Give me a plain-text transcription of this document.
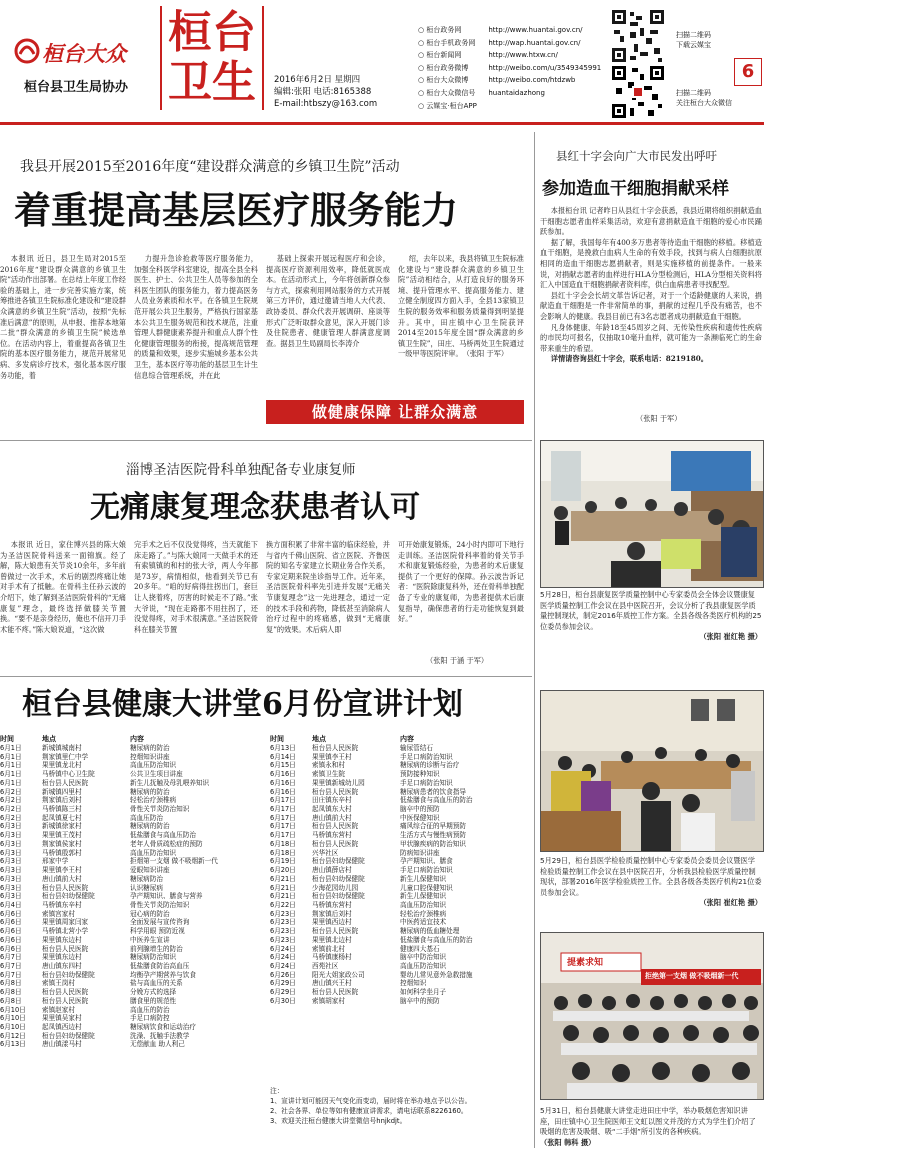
桓台大众
桓台县卫生局协办
桓台
卫生 2016年6月2日 星期四
编辑:张阳 电话:8165388
E-mail:htbszy@163.com
○ 桓台政务网	http://www.huantai.gov.cn/
○ 桓台手机政务网 http://wap.huantai.gov.cn/
○ 桓台新闻网	http://www.htxw.cn/
○ 桓台政务微博	http://weibo.com/u/3549345991
○ 桓台大众微博	http://weibo.com/htdzwb
○ 桓台大众微信号 huantaidazhong
○ 云媒宝·桓台APP
扫描二维码
下载云媒宝
扫描二维码
关注桓台大众微信
6
我县开展2015至2016年度“建设群众满意的乡镇卫生院”活动
着重提高基层医疗服务能力

本报讯 近日，县卫生局对2015至2016年度“建设群众满意的乡镇卫生院”活动作出部署。在总结上年度工作经验的基础上，进一步完善实施方案，统筹推进各镇卫生院标准化建设和“建设群众满意的乡镇卫生院”活动，按照“先标准后满意”的原则，从申报、推荐本地第二批“群众满意的乡镇卫生院”候选单位。在活动内容上，着重提高各镇卫生院的基本医疗服务能力，规范开展常见病、多发病诊疗技术，强化基本医疗服务功能，着

力提升急诊抢救等医疗服务能力，加强全科医学科室建设，提高全县全科医生、护士、公共卫生人员等参加的全科医生团队的服务能力，着力提高医务人员业务素质和水平。在各镇卫生院规范开展公共卫生服务，严格执行国家基本公共卫生服务规范和技术规范，注重管理人群健康素养提升和重点人群个性化健康管理服务的衔接，提高规范管理的质量和效果，逐步实施城乡基本公共卫生，基本医疗等功能的基层卫生计生信息综合管理系统，并在此

基础上探索开展远程医疗和会诊，提高医疗资源利用效率，降低就医成本。在活动形式上，今年将创新群众参与方式，探索利用网站服务的方式开展第三方评价，通过邀请当地人大代表、政协委员、群众代表开展调研、座谈等形式广泛听取群众意见，深入开展门诊及住院患者、健康管理人群满意度调查。据县卫生局副局长李涛介

绍，去年以来，我县将镇卫生院标准化建设与“建设群众满意的乡镇卫生院”活动相结合，从打造良好的服务环境、提升管理水平、提高服务能力、建立健全制度四方面入手，全县13家镇卫生院的服务效率和服务质量得到明显提升。其中，田庄镇中心卫生院获评2014至2015年度全国“群众满意的乡镇卫生院”，田庄、马桥两处卫生院通过一级甲等医院评审。　（张阳 于军）

做健康保障 让群众满意
县红十字会向广大市民发出呼吁
参加造血干细胞捐献采样

本报桓台讯 记者昨日从县红十字会获悉，我县近期将组织捐献造血干细胞志愿者血样采集活动，欢迎有意捐献造血干细胞的爱心市民踊跃参加。

据了解，我国每年有400多万患者等待造血干细胞的移植。移植造血干细胞，是挽救白血病人生命的有效手段，找到与病人白细胞抗原相同的造血干细胞志愿捐献者，则是实施移植的前提条件。一般来说，对捐献志愿者的血样进行HLA分型检测后，HLA分型相关资料将汇入中国造血干细胞捐献者资料库，供白血病患者寻找配型。

县红十字会会长胡文革告诉记者，对于一个适龄健康的人来说，捐献造血干细胞是一件非常简单的事，捐献的过程几乎没有痛苦，也不会影响人的健康。我县目前已有3名志愿者成功捐献造血干细胞。

凡身体健康、年龄18至45周岁之间、无传染性疾病和遗传性疾病的市民均可报名，仅抽取10毫升血样，就可能为一条濒临死亡的生命带来重生的希望。

详情请咨询县红十字会，联系电话：8219180。

（张阳 于军）
淄博圣洁医院骨科单独配备专业康复师
无痛康复理念获患者认可

本报讯 近日，家住博兴县的陈大娘为圣洁医院骨科送来一面锦旗。经了解，陈大娘患有关节炎10余年，多年前曾做过一次手术，术后的剧烈疼痛让她对手术有了抵触。在骨科主任孙云波的介绍下，她了解到圣洁医院骨科的“无痛康复”理念，最终选择做膝关节置换。“要不是亲身经历，俺也不信开刀手术能不疼。”陈大娘说道，“这次做

完手术之后不仅没觉得疼，当天就能下床走路了。”与陈大娘同一天做手术的还有索镇镇的和村的张大爷，两人今年都是73岁，病情相似，他看到关节已有20多年。“咱的好病得拄拐出门，套巨让人挠着疼，厉害的时候走不了路。”张大爷说，“现在走路都不用拄拐了，还没觉得疼，对手术很满意。”圣洁医院骨科在膝关节置

换方面积累了非常丰富的临床经验，并与省内千佛山医院、省立医院、齐鲁医院的知名专家建立长期业务合作关系，专家定期来院坐诊指导工作。近年来，圣洁医院骨科率先引进并发展“无痛关节康复理念”这一先进理念，通过一定的技术手段和药物，降低甚至消除病人治疗过程中的疼痛感，做到“无痛康复”的效果。术后病人即

可开始康复锻炼，24小时内即可下地行走训练。圣洁医院骨科率着的骨关节手术和康复锻炼经验，为患者的术后康复提供了一个更好的保障。孙云波告诉记者：“医院除康复科外，还在骨科单独配备了专业的康复师，为患者提供术后康复指导，确保患者的行走功能恢复到最好。”

（张阳 于涵 于军）
桓台县健康大讲堂6月份宣讲计划
时间	地点	内容
6月1日	新城镇城南村	糖尿病的防治
6月1日	荆家镇里仁中学	控烟知识讲座
6月1日	果里镇龙北村	高血压防治知识
6月1日	马桥镇中心卫生院	公共卫生项目讲座
6月1日	桓台县人民医院	新生儿抚触及母乳喂养知识
6月2日	新城镇四里村	糖尿病的防治
6月2日	荆家镇后刘村	轻松治疗颈椎病
6月2日	马桥镇陈三村	骨性关节炎防治知识
6月2日	起凤镇夏七村	高血压防治
6月3日	新城镇徐家村	糖尿病的防治
6月3日	果里镇王茂村	低盐膳食与高血压防治
6月3日	荆家镇侯家村	老年人骨质疏松症的预防
6月3日	马桥镇殷郭村	高血压防治知识
6月3日	邢家中学	拒烟第一支烟 做不吸烟新一代
6月3日	果里镇李王村	爱眼知识讲座
6月3日	唐山镇前大村	糖尿病防治
6月3日	桓台县人民医院	认识糖尿病
6月3日	桓台县妇幼保健院	孕产期知识、膳食与营养
6月4日	马桥镇东辛村	骨性关节炎防治知识
6月6日	索镇宫家村	冠心病的防治
6月6日	果里镇周家闫家	全面发展与宣传咨询
6月6日	马桥镇北营小学	科学用眼 预防近视
6月6日	果里镇东边村	中医养生宣讲
6月6日	桓台县人民医院	前列腺增生的防治
6月7日	果里镇东边村	糖尿病防治知识
6月7日	唐山镇东四村	低盐膳食防治高血压
6月7日	桓台县妇幼保健院	均衡孕产期营养与饮食
6月8日	索镇王岗村	盐与高血压的关系
6月8日	桓台县人民医院	分娩方式的选择
6月8日	桓台县人民医院	膳食里的规范性
6月10日	索镇赵家村	高血压的防治
6月10日	果里镇吴家村	手足口病防控
6月10日	起凤镇西边村	糖尿病饮食和运动治疗
6月12日	桓台县妇幼保健院	洗澡、抚触手法教学
6月13日	唐山镇漾马村	无偿献血 助人利己
时间	地点	内容
6月13日	桓台县人民医院	输尿管结石
6月14日	果里镇李王村	手足口病防治知识
6月15日	索镇永和村	糖尿病的诊断与治疗
6月16日	索镇卫生院	预防接种知识
6月16日	果里镇新城幼儿园	手足口病防治知识
6月16日	桓台县人民医院	糖尿病患者的饮食指导
6月17日	田庄镇东辛村	低盐膳食与高血压的防治
6月17日	起凤镇东大村	脑卒中的预防
6月17日	唐山镇前大村	中医保健知识
6月17日	桓台县人民医院	痛风综合征的早期预防
6月17日	马桥镇东营村	生活方式与慢性病预防
6月18日	桓台县人民医院	甲状腺疾病的防治知识
6月18日	兴华社区	防病知识讲座
6月19日	桓台县妇幼保健院	孕产期知识、膳食
6月20日	唐山镇薛店村	手足口病防治知识
6月21日	桓台县妇幼保健院	新生儿保健知识
6月21日	少海花园幼儿园	儿童口腔保健知识
6月21日	桓台县妇幼保健院	新生儿保健知识
6月22日	马桥镇东营村	高血压防治知识
6月23日	荆家镇后刘村	轻松治疗颈椎病
6月23日	果里镇西边村	中医药适宜技术
6月23日	桓台县人民医院	糖尿病的低血糖处理
6月23日	果里镇北边村	低盐膳食与高血压的防治
6月24日	索镇前北村	健康四大基石
6月24日	马桥镇康杨村	脑卒中防治知识
6月24日	西苑社区	高血压防治知识
6月26日	阳光大姐家政公司	婴幼儿常见意外急救措施
6月29日	唐山镇兴王村	控烟知识
6月29日	桓台县人民医院	如何科学坐月子
6月30日	索镇胡家村	脑卒中的预防
注：
1、宣讲计划可能因天气变化而变动，届时将在举办地点予以公告。
2、社会各界、单位等如有健康宣讲需求，请电话联系8226160。
3、欢迎关注桓台健康大讲堂微信号hnjkdjt。
5月28日，桓台县康复医学质量控制中心专家委员会全体会议暨康复医学质量控制工作会议在县中医院召开，会议分析了我县康复医学质量控制现状，制定2016年质控工作方案。全县各级各类医疗机构的25位委员参加会议。
（张阳 崔红艳 摄）
5月29日，桓台县医学检验质量控制中心专家委员会委员会议暨医学检验质量控制工作会议在县中医院召开，分析我县检验医学质量控制现状，部署2016年医学检验质控工作。全县各级各类医疗机构21位委员参加会议。
（张阳 崔红艳 摄）
提素求知
拒绝第一支烟 做不吸烟新一代
5月31日，桓台县健康大讲堂走进田庄中学，举办吸烟危害知识讲座，田庄镇中心卫生院医师王文虹以图文并茂的方式为学生们介绍了吸烟的危害及吸烟、吸“二手烟”所引发的各种疾病。 （张阳 韩科 摄）
